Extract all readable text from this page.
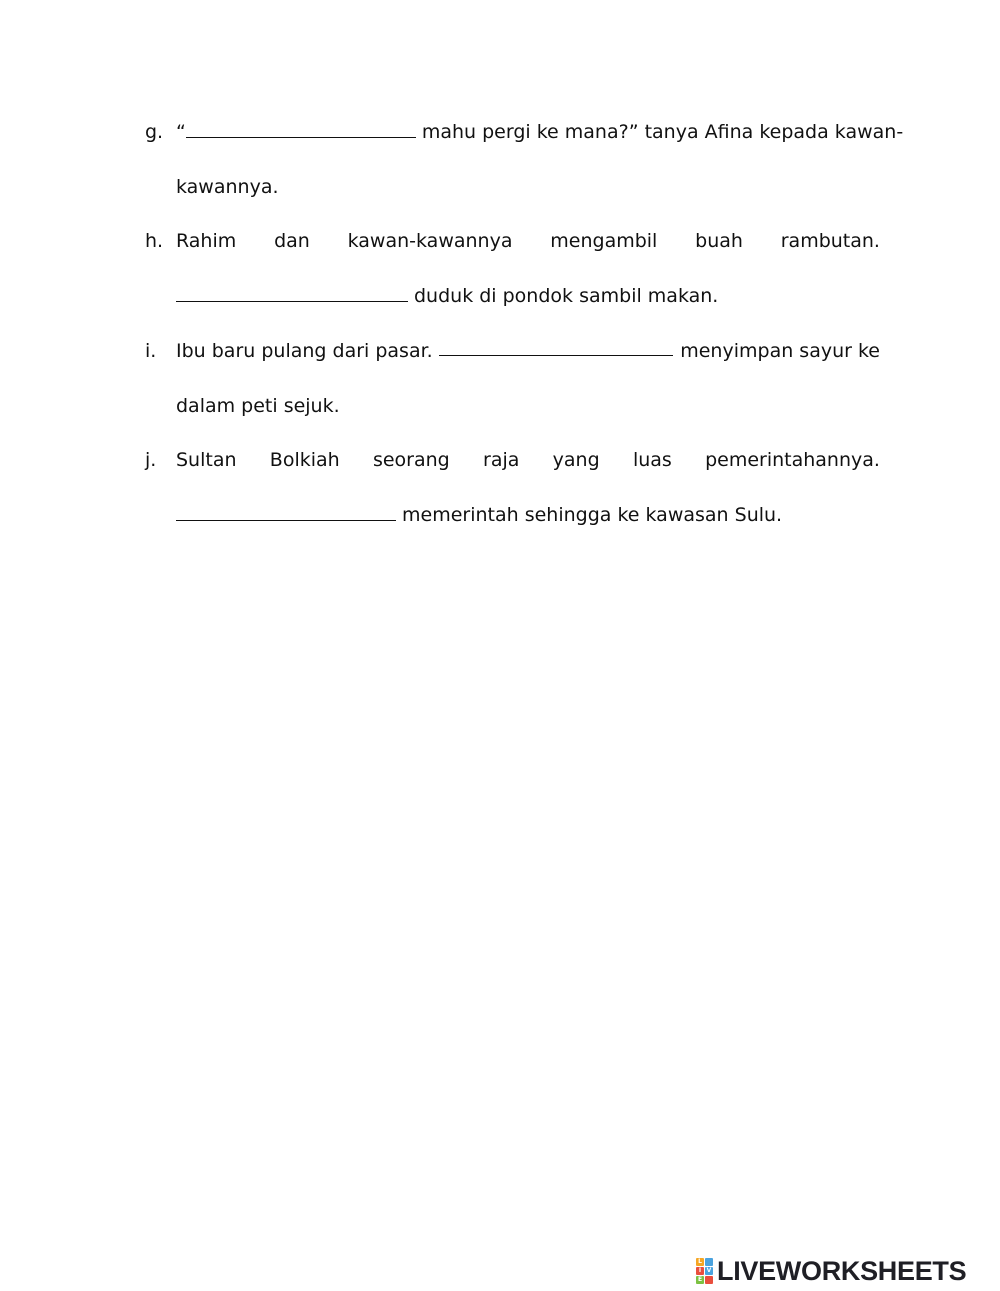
g. “	mahu pergi ke mana?” tanya Afina kepada kawan-
kawannya.
h. Rahim dan kawan-kawannya mengambil buah rambutan.
duduk di pondok sambil makan.
i.	Ibu baru pulang dari pasar.	menyimpan sayur ke
dalam peti sejuk.
j.	Sultan Bolkiah seorang raja yang luas pemerintahannya.
memerintah sehingga ke kawasan Sulu.
L
I V
E LIVEWORKSHEETS
